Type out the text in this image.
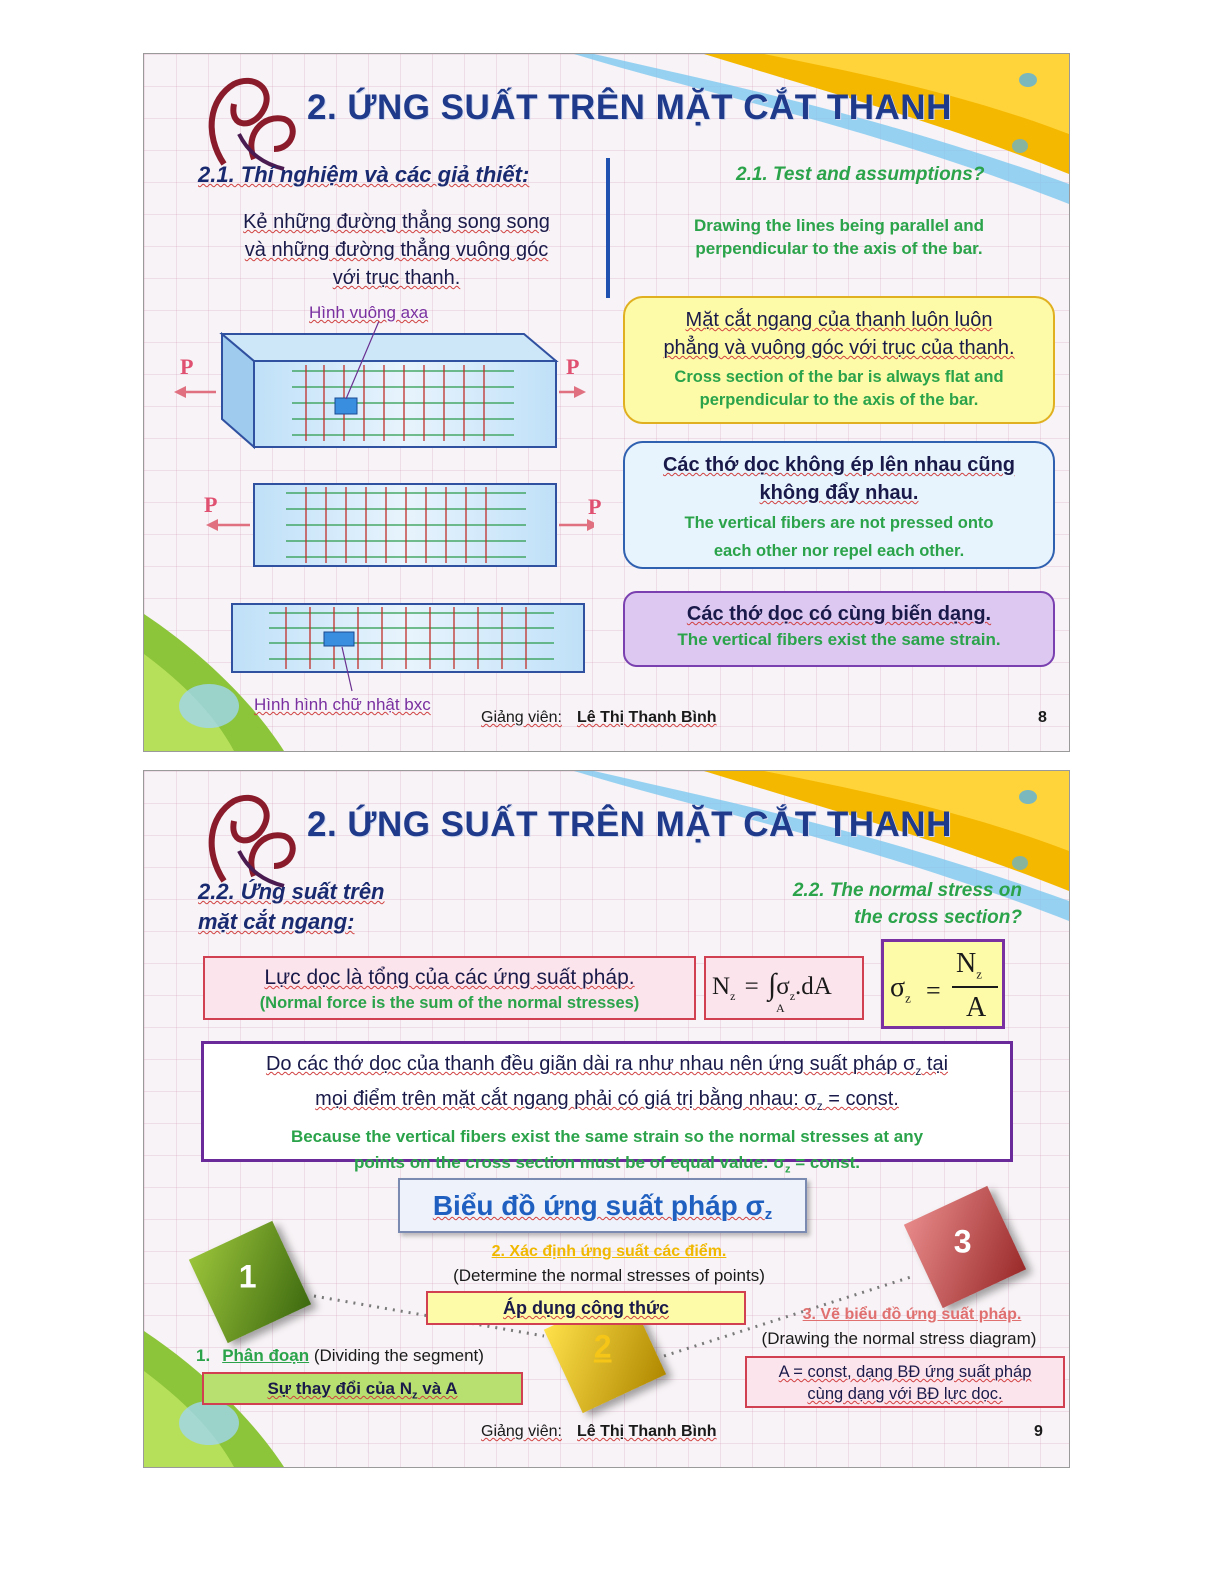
2. ỨNG SUẤT TRÊN MẶT CẮT THANH
2.1. Thí nghiệm và các giả thiết:	2.1. Test and assumptions?
Kẻ những đường thẳng song song
và những đường thẳng vuông góc
với trục thanh.
Drawing the lines being parallel and
perpendicular to the axis of the bar.
P	P
P	P
Hình vuông axa
Hình hình chữ nhật bxc
Mặt cắt ngang của thanh luôn luôn
phẳng và vuông góc với trục của thanh.
Cross section of the bar is always flat and
perpendicular to the axis of the bar.
Các thớ dọc không ép lên nhau cũng
không đẩy nhau.
The vertical fibers are not pressed onto
each other nor repel each other.
Các thớ dọc có cùng biến dạng.
The vertical fibers exist the same strain.
Giảng viên: Lê Thị Thanh Bình	8
2. ỨNG SUẤT TRÊN MẶT CẮT THANH
2.2. Ứng suất trên
mặt cắt ngang:
2.2. The normal stress on
the cross section?
Lực dọc là tổng của các ứng suất pháp.
(Normal force is the sum of the normal stresses)
$N_z = \int\sigma_z.dA$
A
$\sigma_z$ =
$N_z$
A
Do các thớ dọc của thanh đều giãn dài ra như nhau nên ứng suất pháp $\sigma_z$ tại
mọi điểm trên mặt cắt ngang phải có giá trị bằng nhau: $\sigma_z$ = const.
Because the vertical fibers exist the same strain so the normal stresses at any
points on the cross section must be of equal value: $\sigma_z$ = const.
Biểu đồ ứng suất pháp $\sigma_z$
1
2
3
2. Xác định ứng suất các điểm.
(Determine the normal stresses of points)
Áp dụng công thức	3. Vẽ biểu đồ ứng suất pháp.
(Drawing the normal stress diagram)
A = const, dạng BĐ ứng suất pháp
cùng dạng với BĐ lực dọc.
1. Phân đoạn (Dividing the segment)
Sự thay đổi của $N_z$ và A
Giảng viên: Lê Thị Thanh Bình	9
